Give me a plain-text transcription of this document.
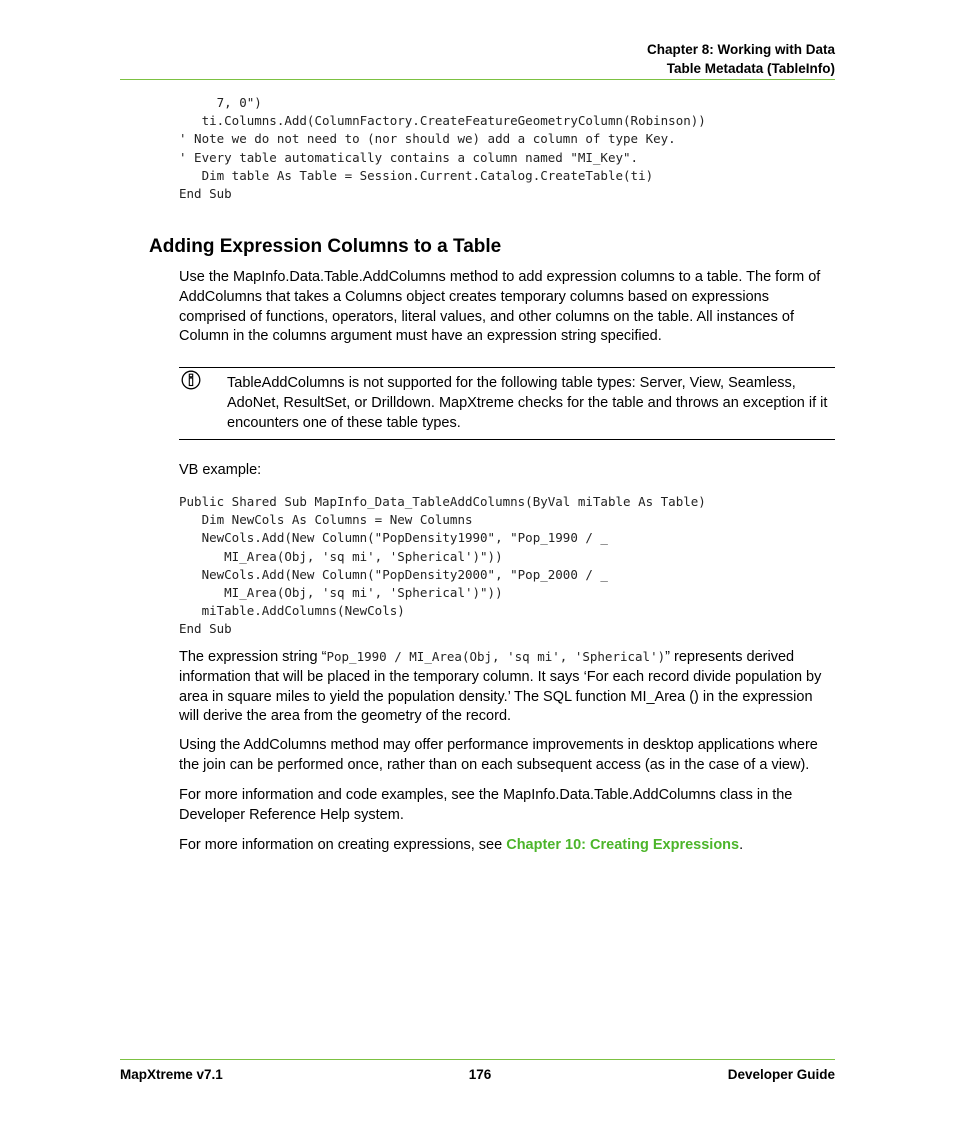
Chapter 8: Working with Data
Table Metadata (TableInfo)
7, 0")
ti.Columns.Add(ColumnFactory.CreateFeatureGeometryColumn(Robinson))
' Note we do not need to (nor should we) add a column of type Key.
' Every table automatically contains a column named "MI_Key".
Dim table As Table = Session.Current.Catalog.CreateTable(ti)
End Sub
Adding Expression Columns to a Table

Use the MapInfo.Data.Table.AddColumns method to add expression columns to a table. The form of AddColumns that takes a Columns object creates temporary columns based on expressions comprised of functions, operators, literal values, and other columns on the table. All instances of Column in the columns argument must have an expression string specified.

TableAddColumns is not supported for the following table types: Server, View, Seamless, AdoNet, ResultSet, or Drilldown. MapXtreme checks for the table and throws an exception if it encounters one of these table types.

VB example:

Public Shared Sub MapInfo_Data_TableAddColumns(ByVal miTable As Table)
Dim NewCols As Columns = New Columns
NewCols.Add(New Column("PopDensity1990", "Pop_1990 / _
MI_Area(Obj, 'sq mi', 'Spherical')"))
NewCols.Add(New Column("PopDensity2000", "Pop_2000 / _
MI_Area(Obj, 'sq mi', 'Spherical')"))
miTable.AddColumns(NewCols)
End Sub

The expression string “Pop_1990 / MI_Area(Obj, 'sq mi', 'Spherical')” represents derived information that will be placed in the temporary column. It says ‘For each record divide population by area in square miles to yield the population density.’ The SQL function MI_Area () in the expression will derive the area from the geometry of the record.

Using the AddColumns method may offer performance improvements in desktop applications where the join can be performed once, rather than on each subsequent access (as in the case of a view).

For more information and code examples, see the MapInfo.Data.Table.AddColumns class in the Developer Reference Help system.

For more information on creating expressions, see Chapter 10: Creating Expressions.

MapXtreme v7.1	176	Developer Guide
